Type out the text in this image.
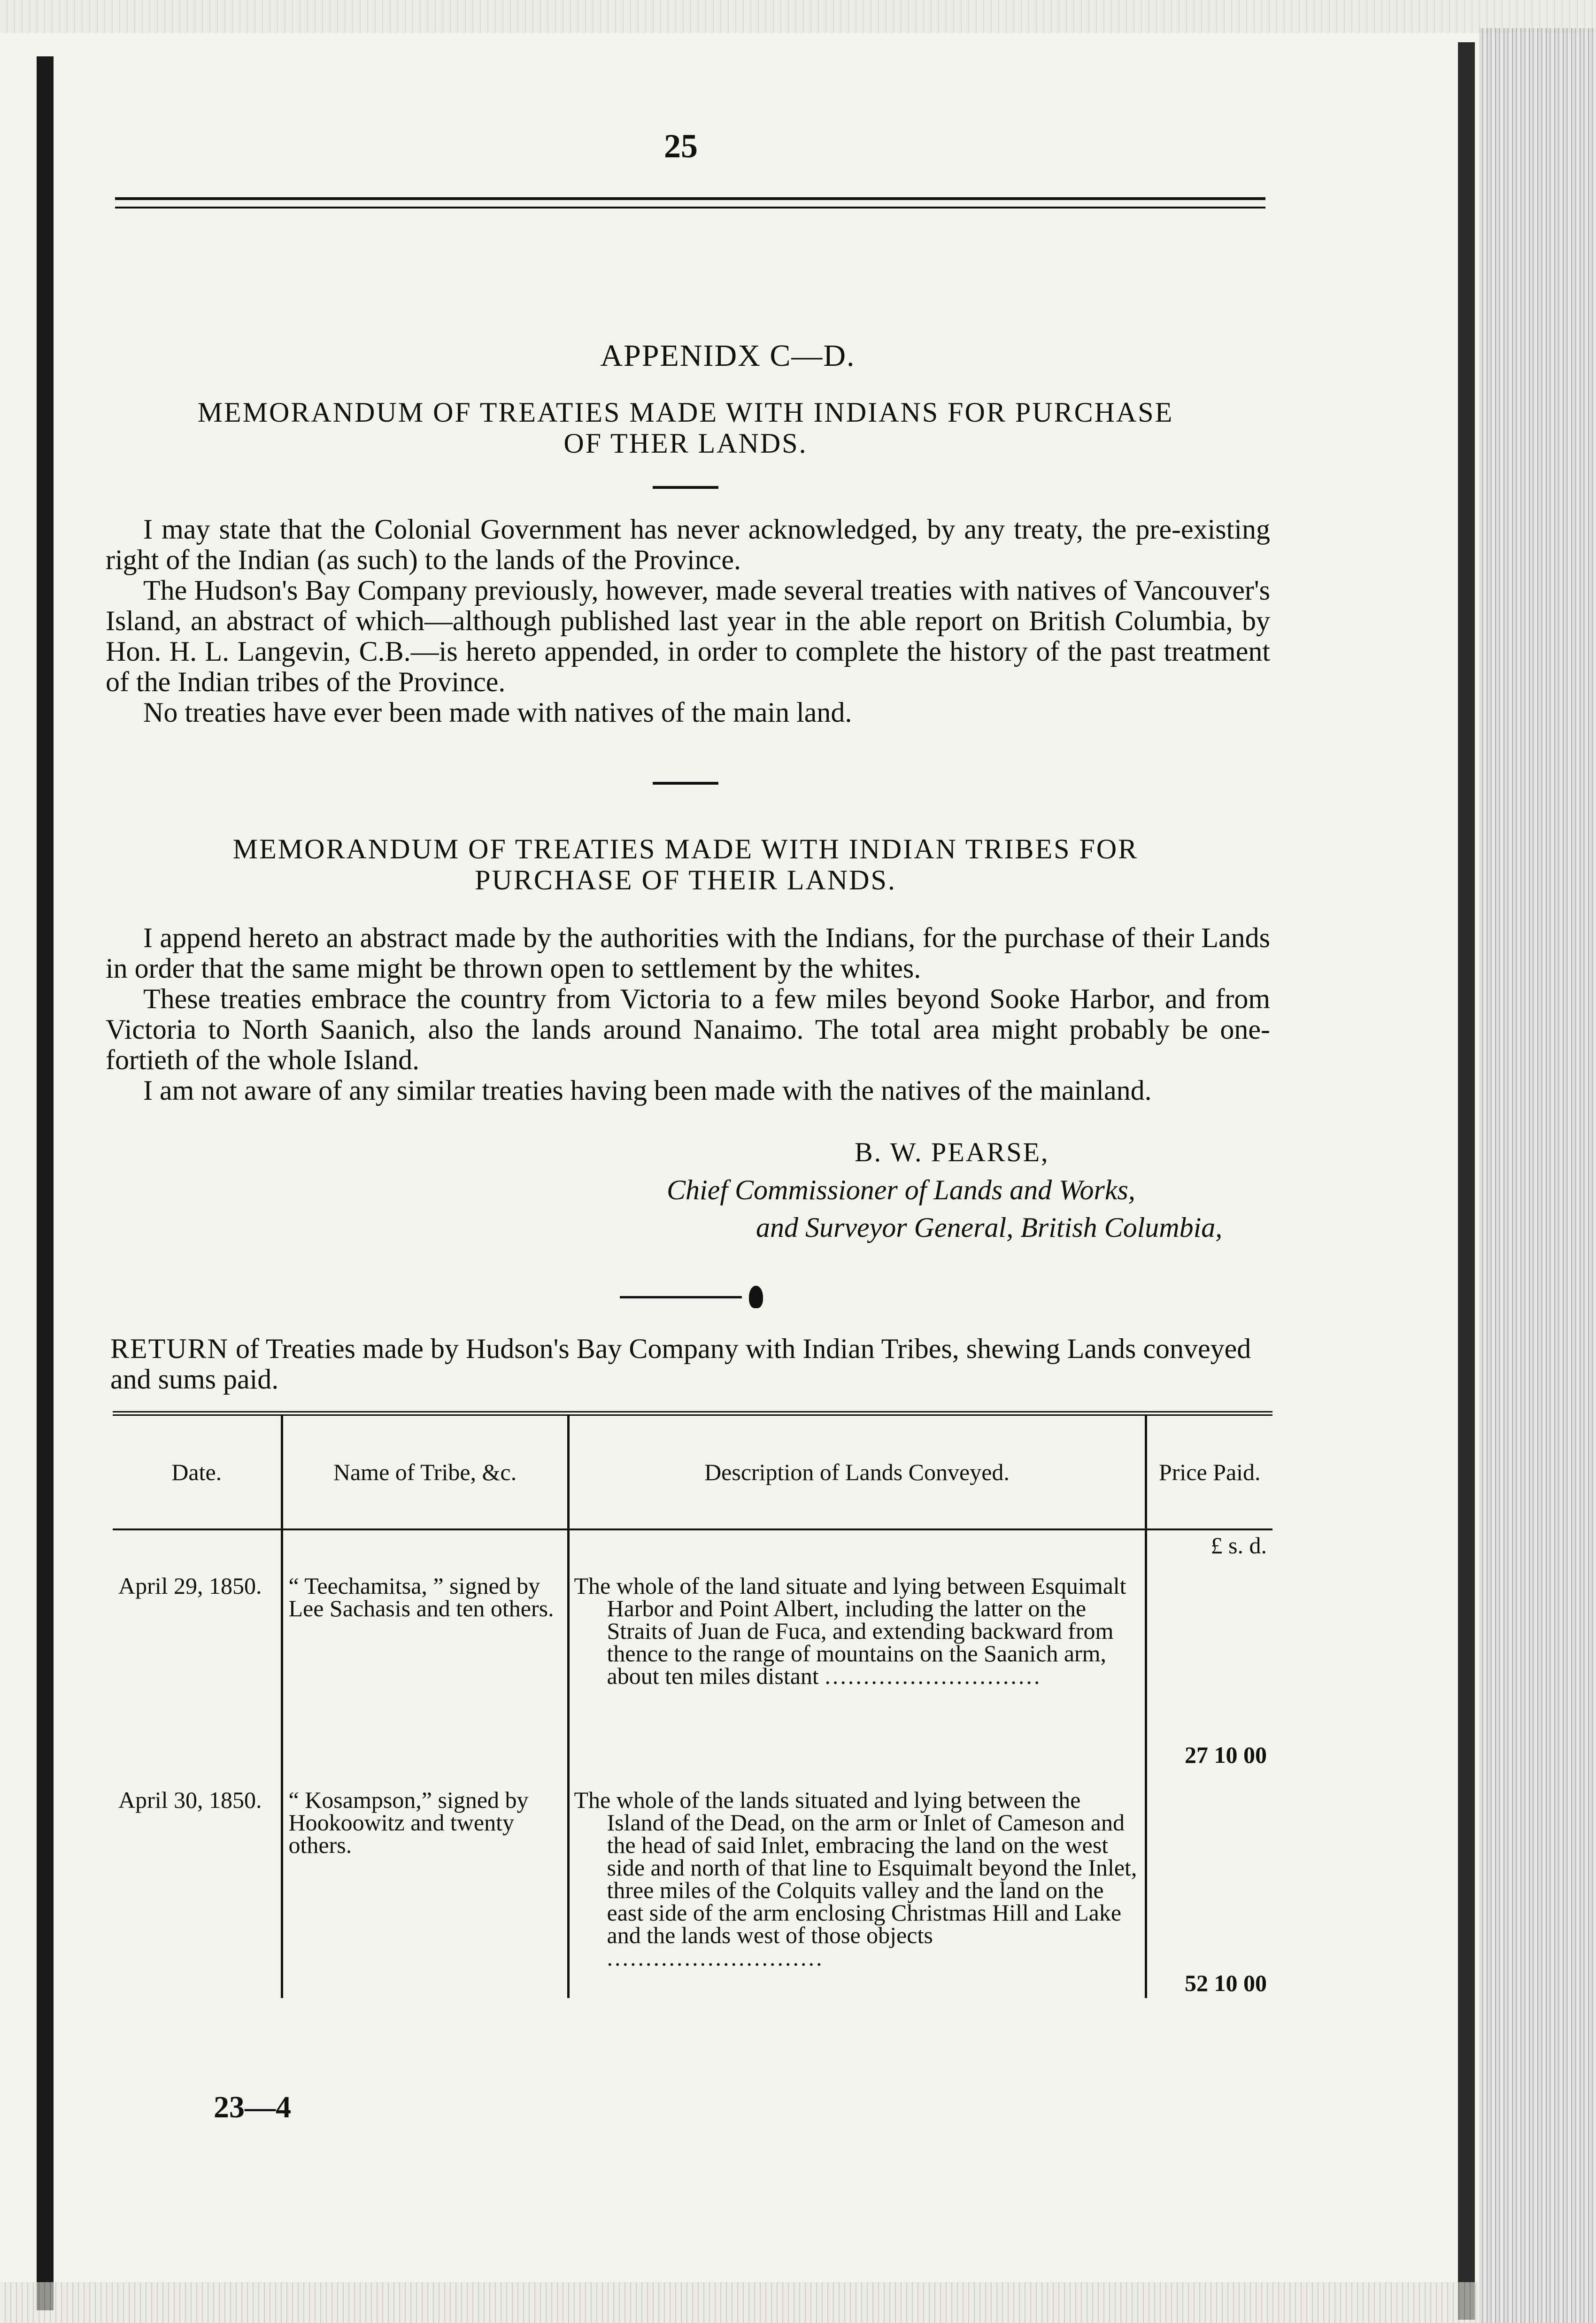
25
APPENIDX C—D.
MEMORANDUM OF TREATIES MADE WITH INDIANS FOR PURCHASE
OF THER LANDS.

I may state that the Colonial Government has never acknowledged, by any treaty, the pre-existing right of the Indian (as such) to the lands of the Province.

The Hudson's Bay Company previously, however, made several treaties with natives of Vancouver's Island, an abstract of which—although published last year in the able report on British Columbia, by Hon. H. L. Langevin, C.B.—is hereto appended, in order to complete the history of the past treatment of the Indian tribes of the Province.

No treaties have ever been made with natives of the main land.

MEMORANDUM OF TREATIES MADE WITH INDIAN TRIBES FOR
PURCHASE OF THEIR LANDS.

I append hereto an abstract made by the authorities with the Indians, for the purchase of their Lands in order that the same might be thrown open to settlement by the whites.

These treaties embrace the country from Victoria to a few miles beyond Sooke Harbor, and from Victoria to North Saanich, also the lands around Nanaimo. The total area might probably be one-fortieth of the whole Island.

I am not aware of any similar treaties having been made with the natives of the mainland.

B. W. PEARSE,
Chief Commissioner of Lands and Works,
and Surveyor General, British Columbia,
RETURN of Treaties made by Hudson's Bay Company with Indian Tribes, shewing Lands conveyed and sums paid.
Date.	Name of Tribe, &c.	Description of Lands Conveyed.	Price Paid.
			£ s. d.
April 29, 1850.	“ Teechamitsa, ” signed by Lee Sachasis and ten others.	The whole of the land situate and lying between Esquimalt Harbor and Point Albert, including the latter on the Straits of Juan de Fuca, and extending backward from thence to the range of mountains on the Saanich arm, about ten miles distant ............................	27 10 00

April 30, 1850.	“ Kosampson,” signed by Hookoowitz and twenty others.	The whole of the lands situated and lying between the Island of the Dead, on the arm or Inlet of Cameson and the head of said Inlet, embracing the land on the west side and north of that line to Esquimalt beyond the Inlet, three miles of the Colquits valley and the land on the east side of the arm enclosing Christmas Hill and Lake and the lands west of those objects ............................	52 10 00
23—4
